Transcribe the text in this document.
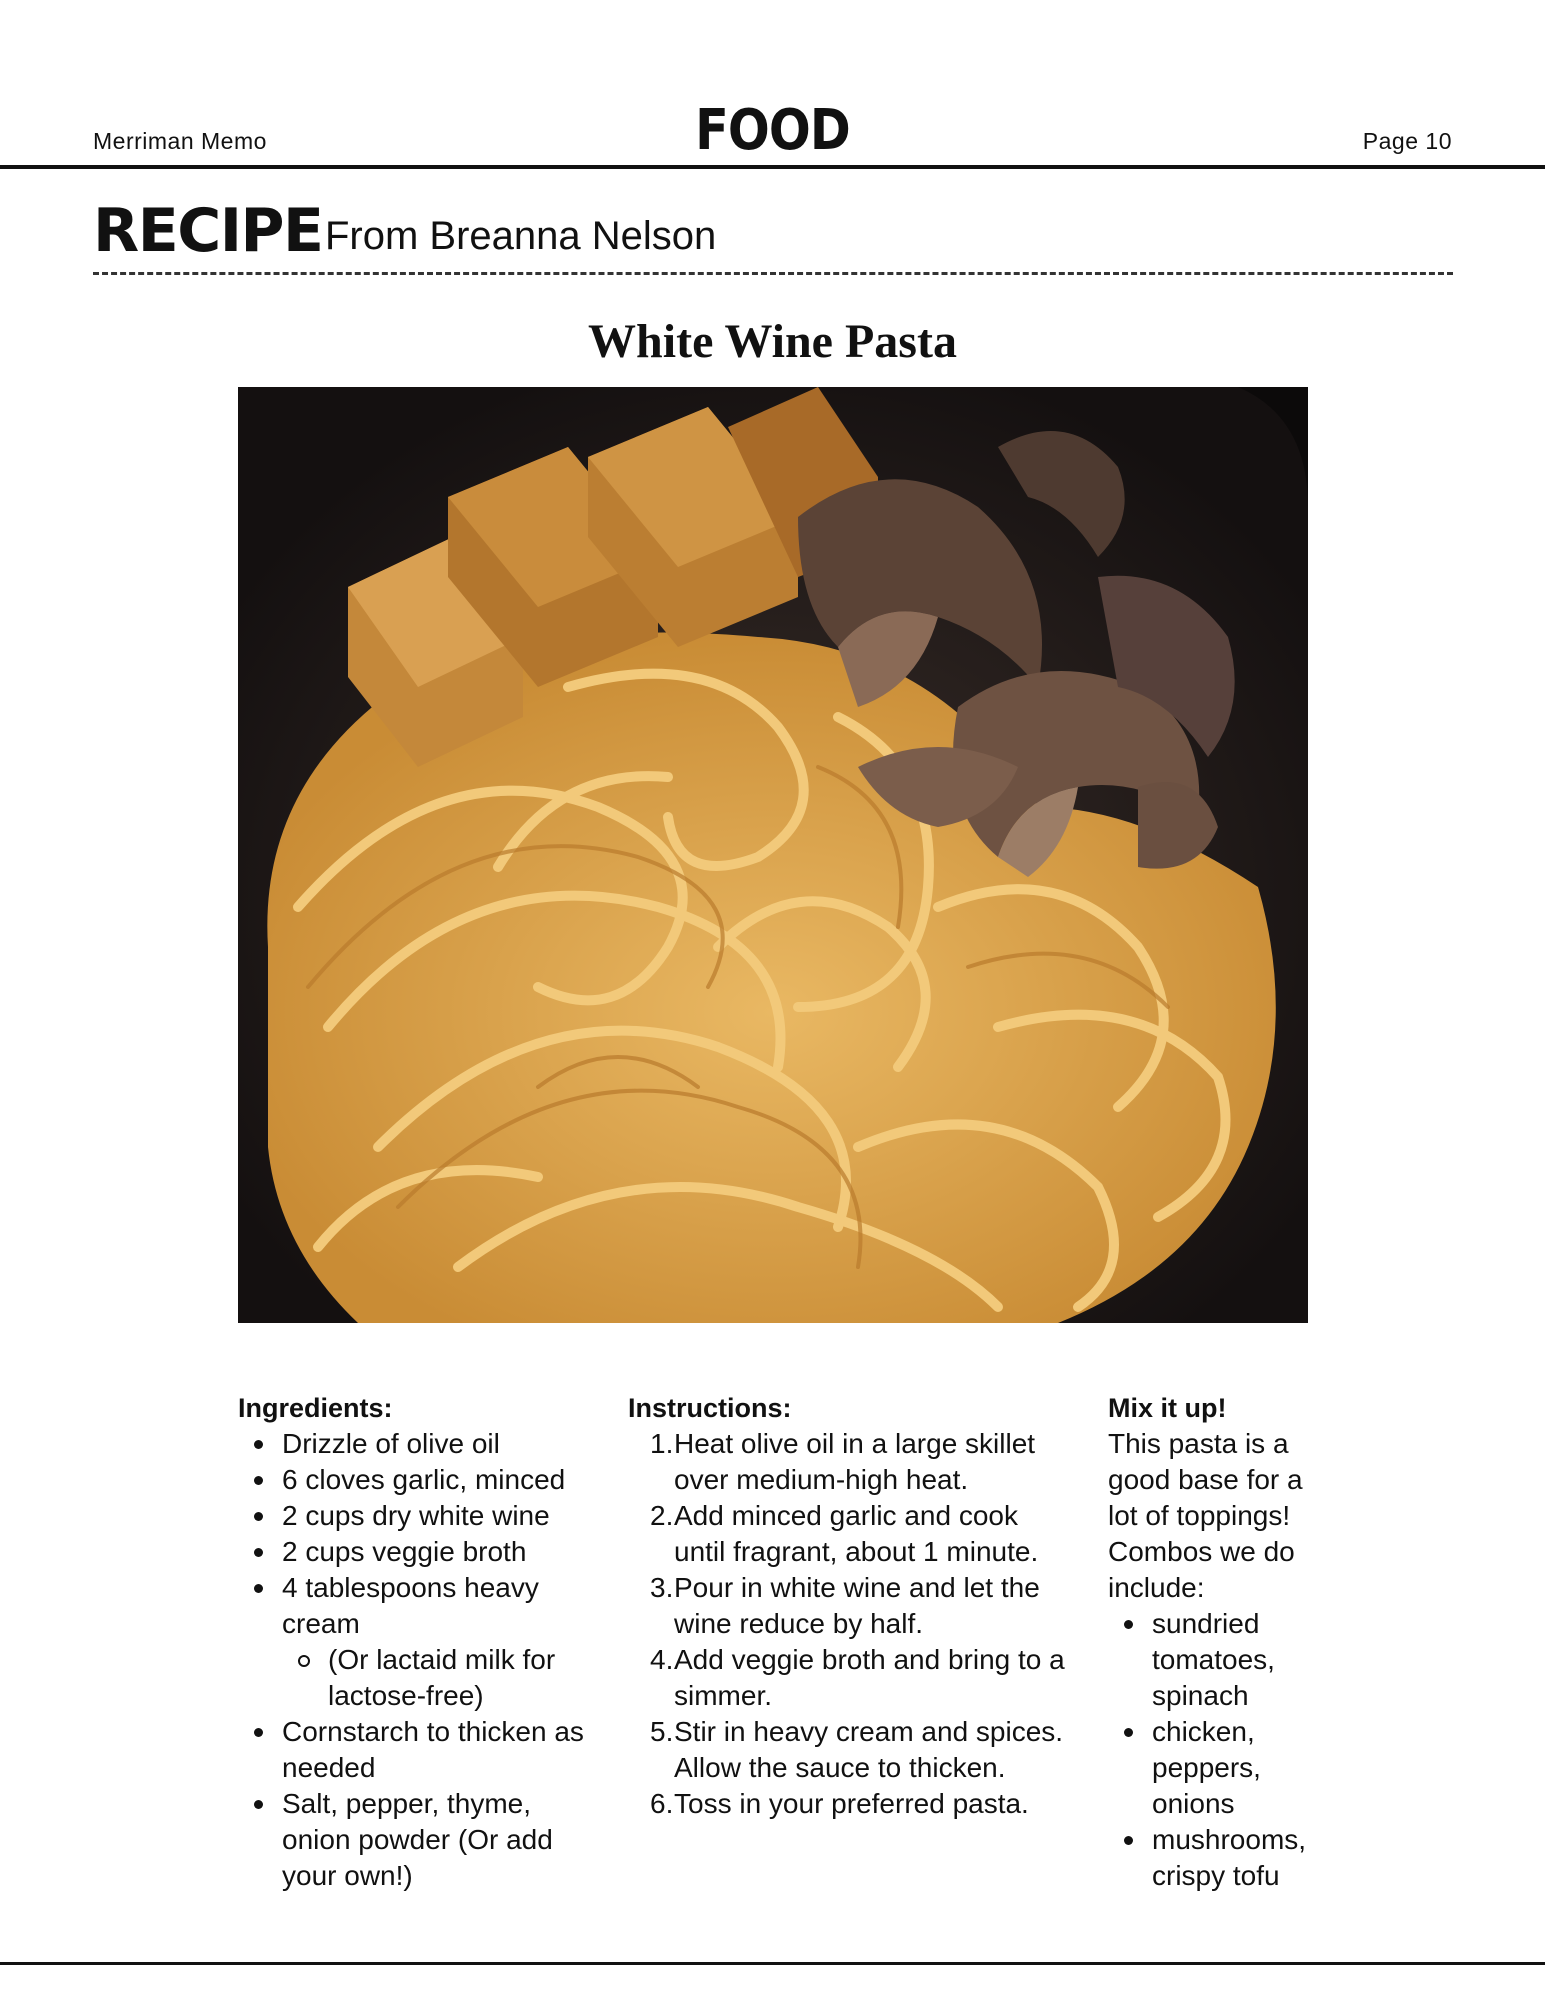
Merriman Memo	FOOD	Page 10
RECIPE From Breanna Nelson
White Wine Pasta
Ingredients:
Drizzle of olive oil
6 cloves garlic, minced
2 cups dry white wine
2 cups veggie broth
4 tablespoons heavy cream
(Or lactaid milk for lactose-free)
Cornstarch to thicken as needed
Salt, pepper, thyme, onion powder (Or add your own!)
Instructions:
Heat olive oil in a large skillet over medium-high heat.
Add minced garlic and cook until fragrant, about 1 minute.
Pour in white wine and let the wine reduce by half.
Add veggie broth and bring to a simmer.
Stir in heavy cream and spices. Allow the sauce to thicken.
Toss in your preferred pasta.
Mix it up!

This pasta is a good base for a lot of toppings! Combos we do include:

sundried tomatoes, spinach
chicken, peppers, onions
mushrooms, crispy tofu
